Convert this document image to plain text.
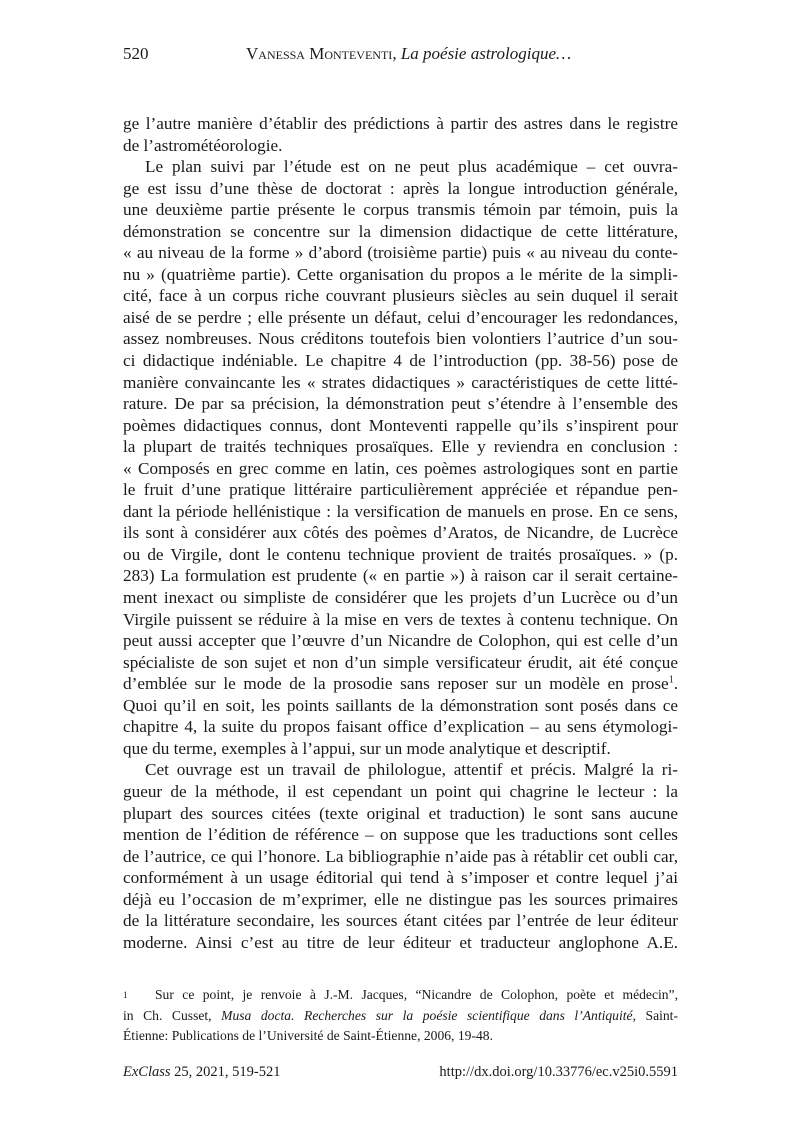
520	Vanessa Monteventi, La poésie astrologique…
ge l’autre manière d’établir des prédictions à partir des astres dans le registre
de l’astrométéorologie.
Le plan suivi par l’étude est on ne peut plus académique – cet ouvra-
ge est issu d’une thèse de doctorat : après la longue introduction générale,
une deuxième partie présente le corpus transmis témoin par témoin, puis la
démonstration se concentre sur la dimension didactique de cette littérature,
« au niveau de la forme » d’abord (troisième partie) puis « au niveau du conte-
nu » (quatrième partie). Cette organisation du propos a le mérite de la simpli-
cité, face à un corpus riche couvrant plusieurs siècles au sein duquel il serait
aisé de se perdre ; elle présente un défaut, celui d’encourager les redondances,
assez nombreuses. Nous créditons toutefois bien volontiers l’autrice d’un sou-
ci didactique indéniable. Le chapitre 4 de l’introduction (pp. 38-56) pose de
manière convaincante les « strates didactiques » caractéristiques de cette litté-
rature. De par sa précision, la démonstration peut s’étendre à l’ensemble des
poèmes didactiques connus, dont Monteventi rappelle qu’ils s’inspirent pour
la plupart de traités techniques prosaïques. Elle y reviendra en conclusion :
« Composés en grec comme en latin, ces poèmes astrologiques sont en partie
le fruit d’une pratique littéraire particulièrement appréciée et répandue pen-
dant la période hellénistique : la versification de manuels en prose. En ce sens,
ils sont à considérer aux côtés des poèmes d’Aratos, de Nicandre, de Lucrèce
ou de Virgile, dont le contenu technique provient de traités prosaïques. » (p.
283) La formulation est prudente (« en partie ») à raison car il serait certaine-
ment inexact ou simpliste de considérer que les projets d’un Lucrèce ou d’un
Virgile puissent se réduire à la mise en vers de textes à contenu technique. On
peut aussi accepter que l’œuvre d’un Nicandre de Colophon, qui est celle d’un
spécialiste de son sujet et non d’un simple versificateur érudit, ait été conçue
d’emblée sur le mode de la prosodie sans reposer sur un modèle en prose$^1$.
Quoi qu’il en soit, les points saillants de la démonstration sont posés dans ce
chapitre 4, la suite du propos faisant office d’explication – au sens étymologi-
que du terme, exemples à l’appui, sur un mode analytique et descriptif.
Cet ouvrage est un travail de philologue, attentif et précis. Malgré la ri-
gueur de la méthode, il est cependant un point qui chagrine le lecteur : la
plupart des sources citées (texte original et traduction) le sont sans aucune
mention de l’édition de référence – on suppose que les traductions sont celles
de l’autrice, ce qui l’honore. La bibliographie n’aide pas à rétablir cet oubli car,
conformément à un usage éditorial qui tend à s’imposer et contre lequel j’ai
déjà eu l’occasion de m’exprimer, elle ne distingue pas les sources primaires
de la littérature secondaire, les sources étant citées par l’entrée de leur éditeur
moderne. Ainsi c’est au titre de leur éditeur et traducteur anglophone A.E.
1 Sur ce point, je renvoie à J.-M. Jacques, “Nicandre de Colophon, poète et médecin”,
in Ch. Cusset, Musa docta. Recherches sur la poésie scientifique dans l’Antiquité, Saint-
Étienne: Publications de l’Université de Saint-Étienne, 2006, 19-48.
ExClass 25, 2021, 519-521	http://dx.doi.org/10.33776/ec.v25i0.5591
